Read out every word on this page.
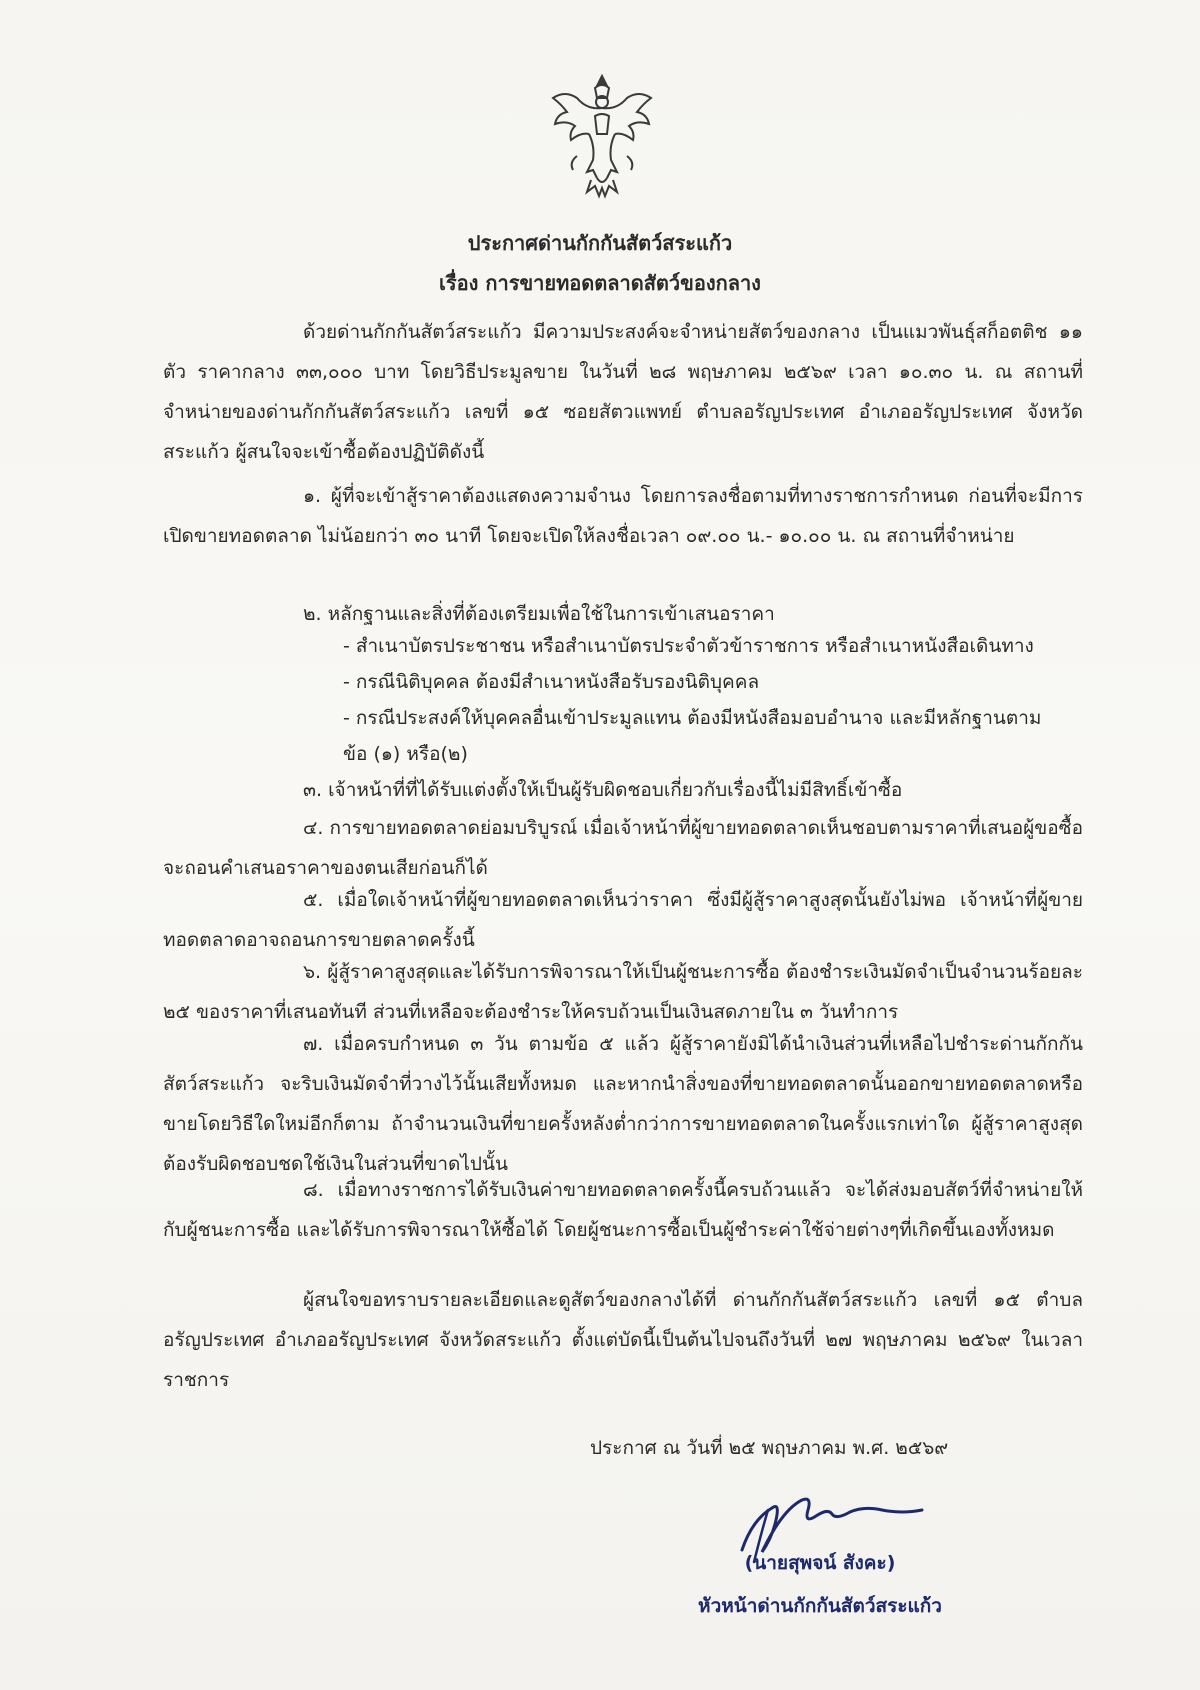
ประกาศด่านกักกันสัตว์สระแก้ว
เรื่อง การขายทอดตลาดสัตว์ของกลาง

ด้วยด่านกักกันสัตว์สระแก้ว มีความประสงค์จะจำหน่ายสัตว์ของกลาง เป็นแมวพันธุ์สก็อตติช ๑๑ ตัว ราคากลาง ๓๓,๐๐๐ บาท โดยวิธีประมูลขาย ในวันที่ ๒๘ พฤษภาคม ๒๕๖๙ เวลา ๑๐.๓๐ น. ณ สถานที่จำหน่ายของด่านกักกันสัตว์สระแก้ว เลขที่ ๑๕ ซอยสัตวแพทย์ ตำบลอรัญประเทศ อำเภออรัญประเทศ จังหวัดสระแก้ว ผู้สนใจจะเข้าซื้อต้องปฏิบัติดังนี้

๑. ผู้ที่จะเข้าสู้ราคาต้องแสดงความจำนง โดยการลงชื่อตามที่ทางราชการกำหนด ก่อนที่จะมีการเปิดขายทอดตลาด ไม่น้อยกว่า ๓๐ นาที โดยจะเปิดให้ลงชื่อเวลา ๐๙.๐๐ น.- ๑๐.๐๐ น. ณ สถานที่จำหน่าย

๒. หลักฐานและสิ่งที่ต้องเตรียมเพื่อใช้ในการเข้าเสนอราคา

- สำเนาบัตรประชาชน หรือสำเนาบัตรประจำตัวข้าราชการ หรือสำเนาหนังสือเดินทาง

- กรณีนิติบุคคล ต้องมีสำเนาหนังสือรับรองนิติบุคคล

- กรณีประสงค์ให้บุคคลอื่นเข้าประมูลแทน ต้องมีหนังสือมอบอำนาจ และมีหลักฐานตาม

ข้อ (๑) หรือ(๒)

๓. เจ้าหน้าที่ที่ได้รับแต่งตั้งให้เป็นผู้รับผิดชอบเกี่ยวกับเรื่องนี้ไม่มีสิทธิ์เข้าซื้อ

๔. การขายทอดตลาดย่อมบริบูรณ์ เมื่อเจ้าหน้าที่ผู้ขายทอดตลาดเห็นชอบตามราคาที่เสนอผู้ขอซื้อจะถอนคำเสนอราคาของตนเสียก่อนก็ได้

๕. เมื่อใดเจ้าหน้าที่ผู้ขายทอดตลาดเห็นว่าราคา ซึ่งมีผู้สู้ราคาสูงสุดนั้นยังไม่พอ เจ้าหน้าที่ผู้ขายทอดตลาดอาจถอนการขายตลาดครั้งนี้

๖. ผู้สู้ราคาสูงสุดและได้รับการพิจารณาให้เป็นผู้ชนะการซื้อ ต้องชำระเงินมัดจำเป็นจำนวนร้อยละ ๒๕ ของราคาที่เสนอทันที ส่วนที่เหลือจะต้องชำระให้ครบถ้วนเป็นเงินสดภายใน ๓ วันทำการ

๗. เมื่อครบกำหนด ๓ วัน ตามข้อ ๕ แล้ว ผู้สู้ราคายังมิได้นำเงินส่วนที่เหลือไปชำระด่านกักกันสัตว์สระแก้ว จะริบเงินมัดจำที่วางไว้นั้นเสียทั้งหมด และหากนำสิ่งของที่ขายทอดตลาดนั้นออกขายทอดตลาดหรือขายโดยวิธีใดใหม่อีกก็ตาม ถ้าจำนวนเงินที่ขายครั้งหลังต่ำกว่าการขายทอดตลาดในครั้งแรกเท่าใด ผู้สู้ราคาสูงสุดต้องรับผิดชอบชดใช้เงินในส่วนที่ขาดไปนั้น

๘. เมื่อทางราชการได้รับเงินค่าขายทอดตลาดครั้งนี้ครบถ้วนแล้ว จะได้ส่งมอบสัตว์ที่จำหน่ายให้กับผู้ชนะการซื้อ และได้รับการพิจารณาให้ซื้อได้ โดยผู้ชนะการซื้อเป็นผู้ชำระค่าใช้จ่ายต่างๆที่เกิดขึ้นเองทั้งหมด

ผู้สนใจขอทราบรายละเอียดและดูสัตว์ของกลางได้ที่ ด่านกักกันสัตว์สระแก้ว เลขที่ ๑๕ ตำบลอรัญประเทศ อำเภออรัญประเทศ จังหวัดสระแก้ว ตั้งแต่บัดนี้เป็นต้นไปจนถึงวันที่ ๒๗ พฤษภาคม ๒๕๖๙ ในเวลาราชการ

ประกาศ ณ วันที่ ๒๕ พฤษภาคม พ.ศ. ๒๕๖๙
(นายสุพจน์ สังคะ)
หัวหน้าด่านกักกันสัตว์สระแก้ว
